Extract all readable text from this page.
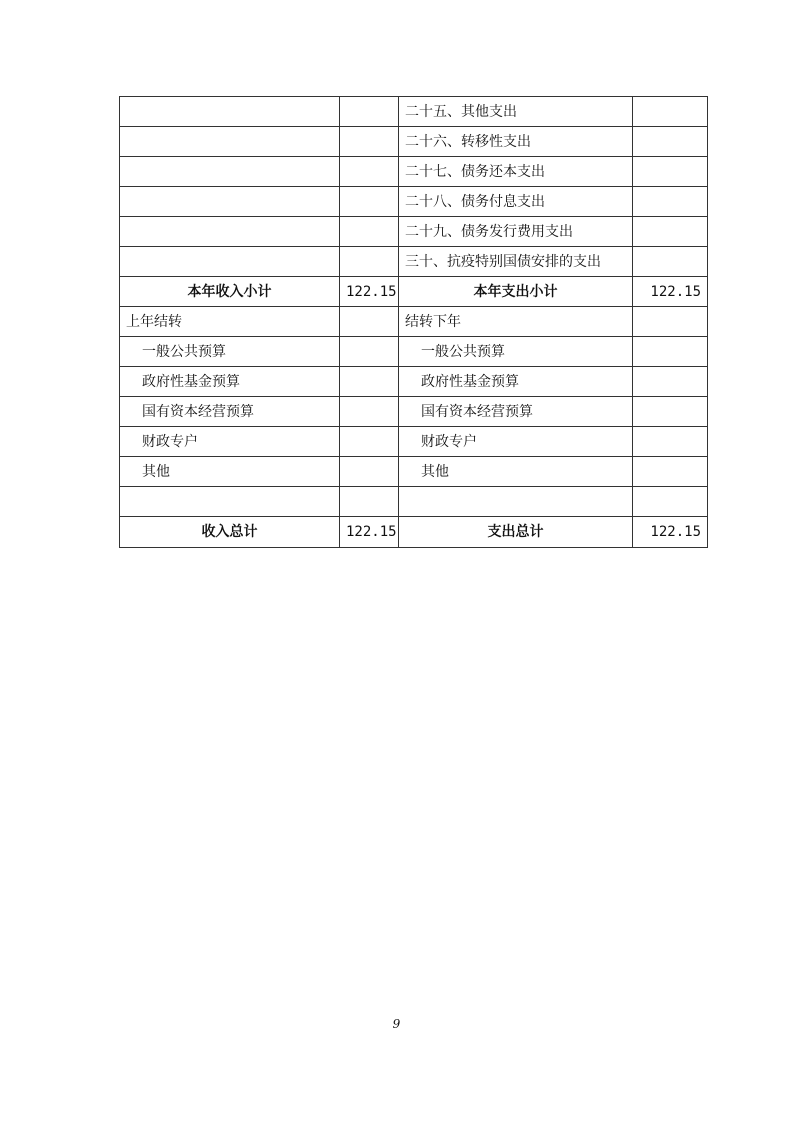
		二十五、其他支出	
		二十六、转移性支出	
		二十七、债务还本支出	
		二十八、债务付息支出	
		二十九、债务发行费用支出	
		三十、抗疫特别国债安排的支出	
本年收入小计	122.15	本年支出小计	122.15
上年结转		结转下年	
一般公共预算		一般公共预算	
政府性基金预算		政府性基金预算	
国有资本经营预算		国有资本经营预算	
财政专户		财政专户	
其他		其他	

收入总计	122.15	支出总计	122.15
9
